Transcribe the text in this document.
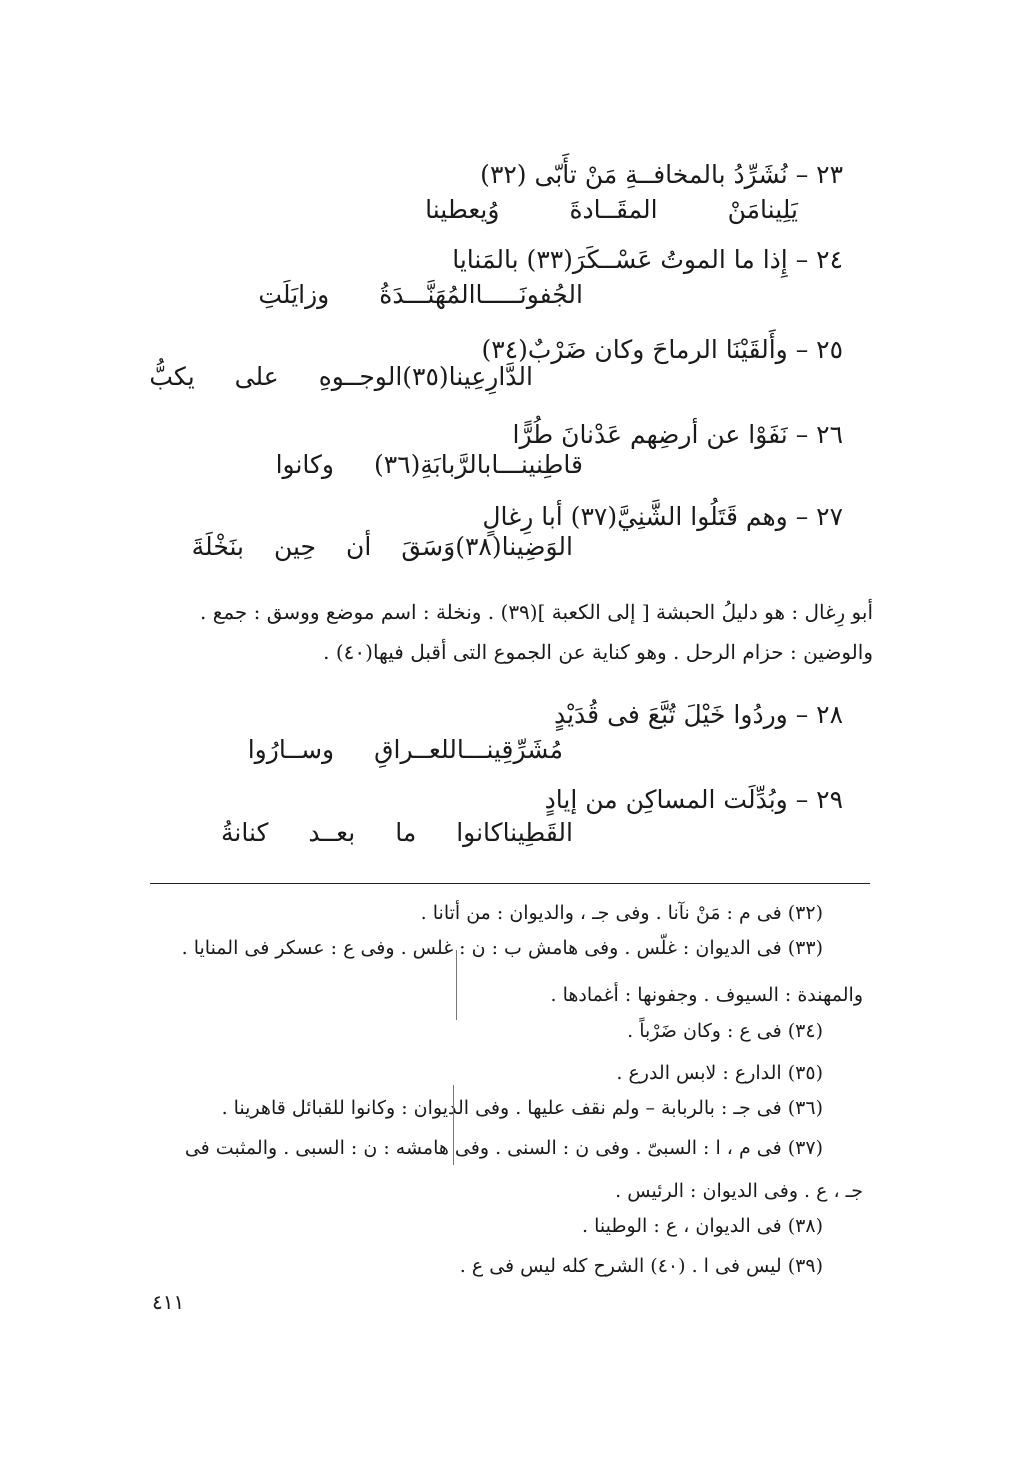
٢٣ – نُشَرِّدُ بالمخافــةِ مَنْ تأَبّى (٣٢)
وُيعطينا	المقَــادةَ	مَنْيَلِينا
٢٤ – إِذا ما الموتُ عَسْــكَرَ(٣٣) بالمَنايا
وزايَلَتِ المُهَنَّـــدَةُالجُفونَـــــا
٢٥ – وأَلقَيْنَا الرماحَ وكان ضَرْبٌ(٣٤)
يكبُّ على الوجــوهِالدَّارِعِينا(٣٥)
٢٦ – نَفَوْا عن أرضِهم عَدْنانَ طُرًّا
وكانوا بالرَّبابَةِ(٣٦)قاطِنينـــا
٢٧ – وهم قَتَلُوا الشَّنِيَّ(٣٧) أبا رِغالٍ
بنَخْلَةَ حِين أن وَسَقَالوَضِينا(٣٨)
أبو رِغال : هو دليلُ الحبشة [ إلى الكعبة ](٣٩) . ونخلة : اسم موضع ووسق : جمع .
والوضين : حزام الرحل . وهو كناية عن الجموع التى أقبل فيها(٤٠) .
٢٨ – وردُوا خَيْلَ تُبَّعَ فى قُدَيْدٍ
وســارُوا للعــراقِمُشَرِّقِينـــا
٢٩ – وبُدِّلَت المساكِن من إيادٍ
كنانةُ بعــد ما كانواالقَطِينا
(٣٢) فى م : مَنْ نآنا . وفى جـ ، والديوان : من أتانا .
(٣٣) فى الديوان : غلّس . وفى هامش ب : ن : غلس . وفى ع : عسكر فى المنايا .
والمهندة : السيوف . وجفونها : أغمادها .
(٣٤) فى ع : وكان ضَرْباً .
(٣٥) الدارع : لابس الدرع .
(٣٦) فى جـ : بالربابة – ولم نقف عليها . وفى الديوان : وكانوا للقبائل قاهرينا .
(٣٧) فى م ، ا : السبىّ . وفى ن : السنى . وفى هامشه : ن : السبى . والمثبت فى
جـ ، ع . وفى الديوان : الرئيس .
(٣٨) فى الديوان ، ع : الوطينا .
(٣٩) ليس فى ا . (٤٠) الشرح كله ليس فى ع .
٤١١
